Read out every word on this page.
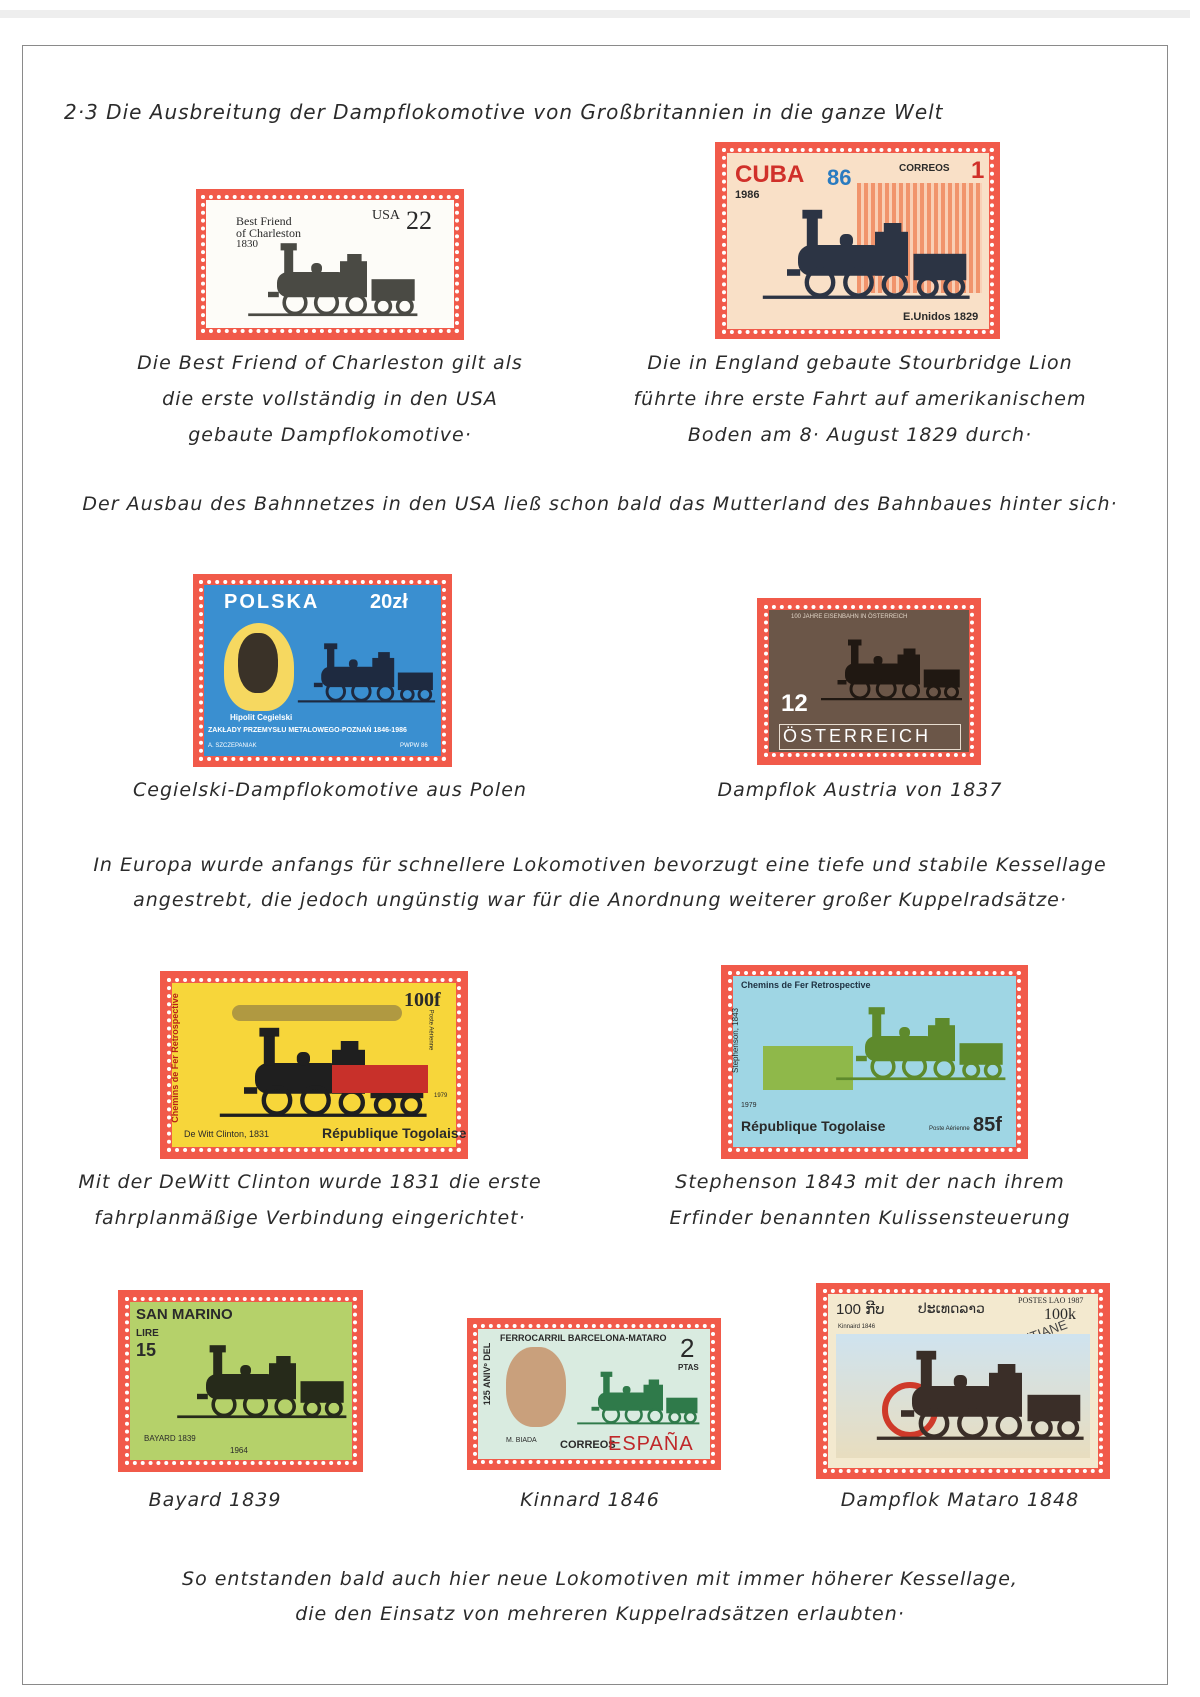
2·3 Die Ausbreitung der Dampflokomotive von Großbritannien in die ganze Welt
Best Friend
of Charleston
1830
USA 22
CUBA
1986
86	CORREOS 1
E.Unidos 1829
Die Best Friend of Charleston gilt als
die erste vollständig in den USA
gebaute Dampflokomotive·
Die in England gebaute Stourbridge Lion
führte ihre erste Fahrt auf amerikanischem
Boden am 8· August 1829 durch·
Der Ausbau des Bahnnetzes in den USA ließ schon bald das Mutterland des Bahnbaues hinter sich·
POLSKA	20zł
Hipolit Cegielski
ZAKŁADY PRZEMYSŁU METALOWEGO-POZNAŃ 1846-1986
A. SZCZEPANIAK	PWPW 86
100 JAHRE EISENBAHN IN ÖSTERREICH
12
ÖSTERREICH
Cegielski-Dampflokomotive aus Polen	Dampflok Austria von 1837
In Europa wurde anfangs für schnellere Lokomotiven bevorzugt eine tiefe und stabile Kessellage
angestrebt, die jedoch ungünstig war für die Anordnung weiterer großer Kuppelradsätze·
Chemins de Fer Retrospective	100f
Poste Aérienne
De Witt Clinton, 1831	République Togolaise
1979
Chemins de Fer Retrospective
Stephenson, 1843
1979
République Togolaise	Poste Aérienne 85f
Mit der DeWitt Clinton wurde 1831 die erste
fahrplanmäßige Verbindung eingerichtet·
Stephenson 1843 mit der nach ihrem
Erfinder benannten Kulissensteuerung
SAN MARINO
LIRE
15
BAYARD 1839
1964
FERROCARRIL BARCELONA-MATARO
125 ANIVº DEL	2
PTAS
M. BIADA CORREOS
ESPAÑA
100 ກີບ ປະເທດລາວ	POSTES LAO 1987
100k
Kinnaird 1846
Bayard 1839	Kinnard 1846	Dampflok Mataro 1848
So entstanden bald auch hier neue Lokomotiven mit immer höherer Kessellage,
die den Einsatz von mehreren Kuppelradsätzen erlaubten·
